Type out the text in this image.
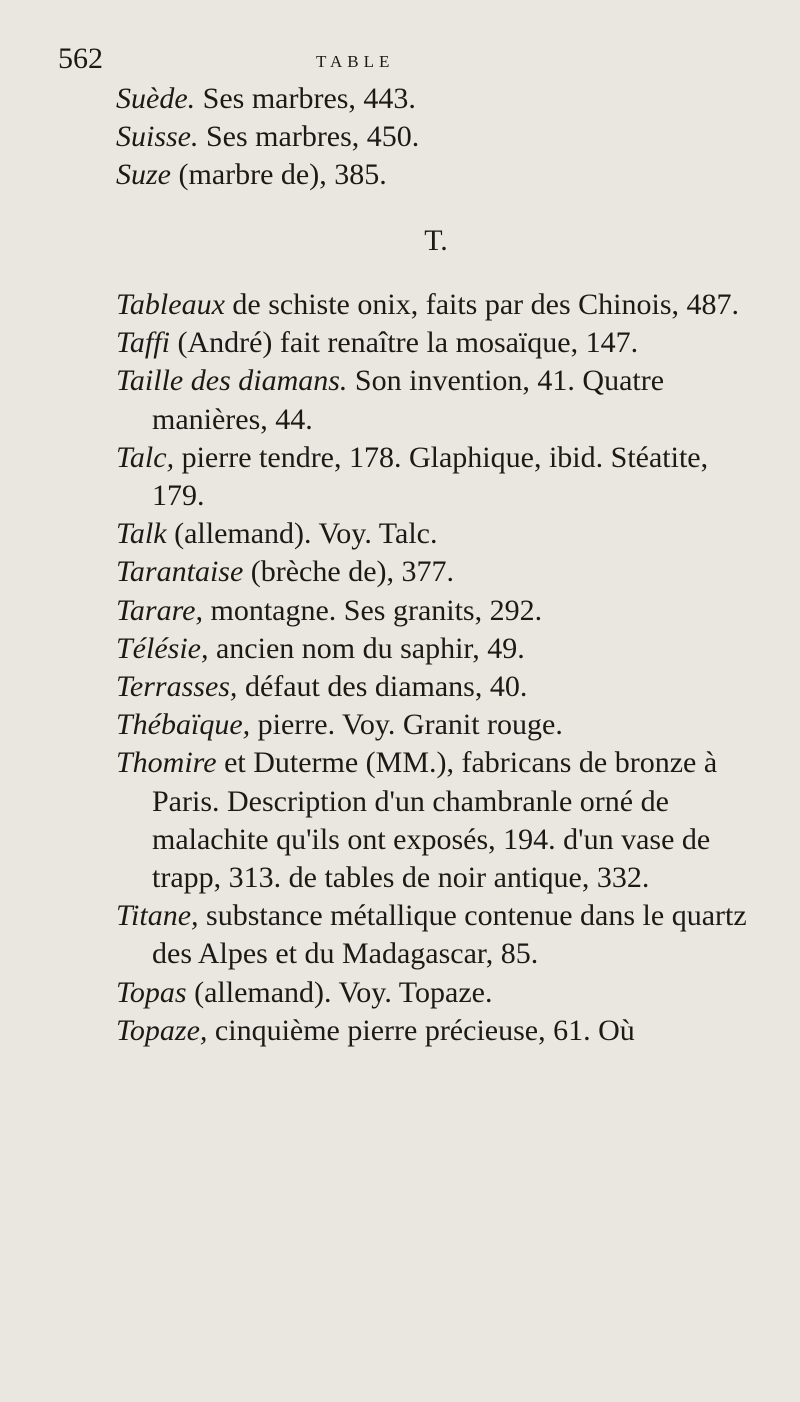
562	TABLE
Suède. Ses marbres, 443.
Suisse. Ses marbres, 450.
Suze (marbre de), 385.
T.
Tableaux de schiste onix, faits par des Chinois, 487.
Taffi (André) fait renaître la mosaïque, 147.
Taille des diamans. Son invention, 41. Quatre manières, 44.
Talc, pierre tendre, 178. Glaphique, ibid. Stéatite, 179.
Talk (allemand). Voy. Talc.
Tarantaise (brèche de), 377.
Tarare, montagne. Ses granits, 292.
Télésie, ancien nom du saphir, 49.
Terrasses, défaut des diamans, 40.
Thébaïque, pierre. Voy. Granit rouge.
Thomire et Duterme (MM.), fabricans de bronze à Paris. Description d'un chambranle orné de malachite qu'ils ont exposés, 194. d'un vase de trapp, 313. de tables de noir antique, 332.
Titane, substance métallique contenue dans le quartz des Alpes et du Madagascar, 85.
Topas (allemand). Voy. Topaze.
Topaze, cinquième pierre précieuse, 61. Où
